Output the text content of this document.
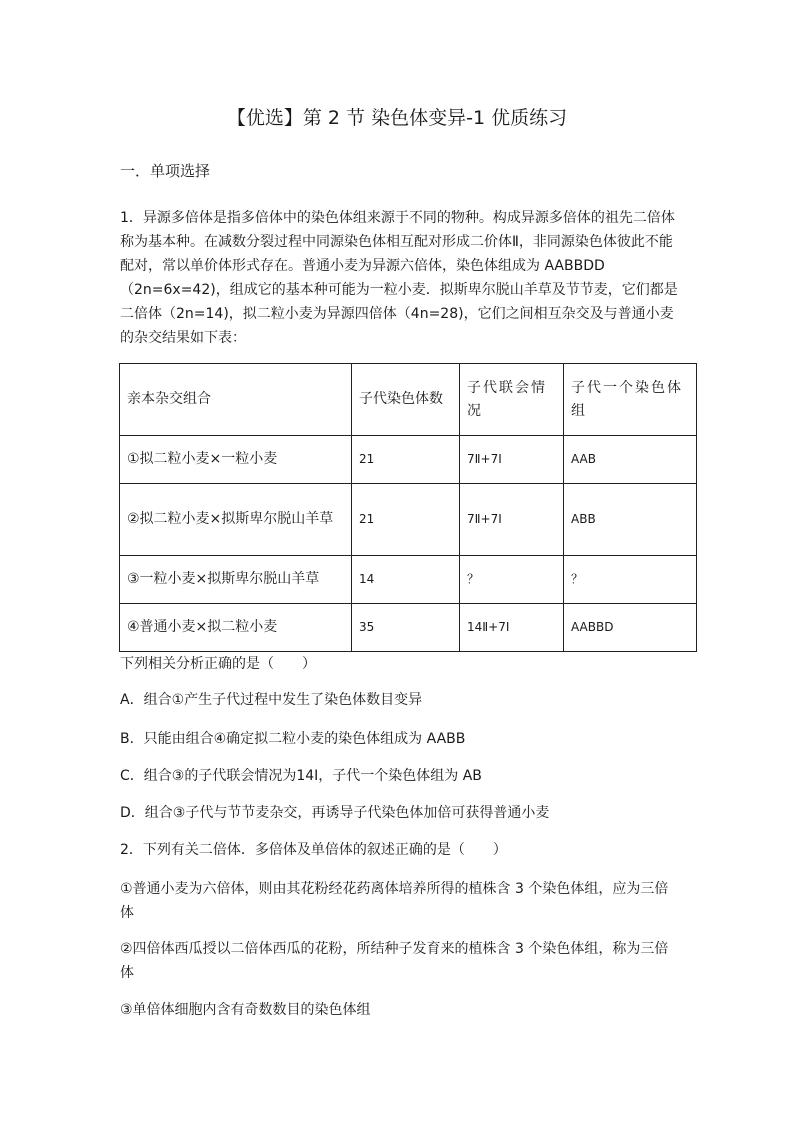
【优选】第 2 节 染色体变异-1 优质练习
一．单项选择

1．异源多倍体是指多倍体中的染色体组来源于不同的物种。构成异源多倍体的祖先二倍体称为基本种。在减数分裂过程中同源染色体相互配对形成二价体Ⅱ，非同源染色体彼此不能配对，常以单价体形式存在。普通小麦为异源六倍体，染色体组成为 AABBDD（2n=6x=42)，组成它的基本种可能为一粒小麦．拟斯卑尔脱山羊草及节节麦，它们都是二倍体（2n=14)，拟二粒小麦为异源四倍体（4n=28)，它们之间相互杂交及与普通小麦的杂交结果如下表：

亲本杂交组合	子代染色体数	子代联会情况	子代一个染色体组
①拟二粒小麦×一粒小麦	21	7Ⅱ+7Ⅰ	AAB
②拟二粒小麦×拟斯卑尔脱山羊草	21	7Ⅱ+7Ⅰ	ABB
③一粒小麦×拟斯卑尔脱山羊草	14	？	？
④普通小麦×拟二粒小麦	35	14Ⅱ+7Ⅰ	AABBD

下列相关分析正确的是（　　）

A．组合①产生子代过程中发生了染色体数目变异

B．只能由组合④确定拟二粒小麦的染色体组成为 AABB

C．组合③的子代联会情况为14Ⅰ，子代一个染色体组为 AB

D．组合③子代与节节麦杂交，再诱导子代染色体加倍可获得普通小麦

2．下列有关二倍体．多倍体及单倍体的叙述正确的是（　　）

①普通小麦为六倍体，则由其花粉经花药离体培养所得的植株含 3 个染色体组，应为三倍体

②四倍体西瓜授以二倍体西瓜的花粉，所结种子发育来的植株含 3 个染色体组，称为三倍体

③单倍体细胞内含有奇数数目的染色体组
